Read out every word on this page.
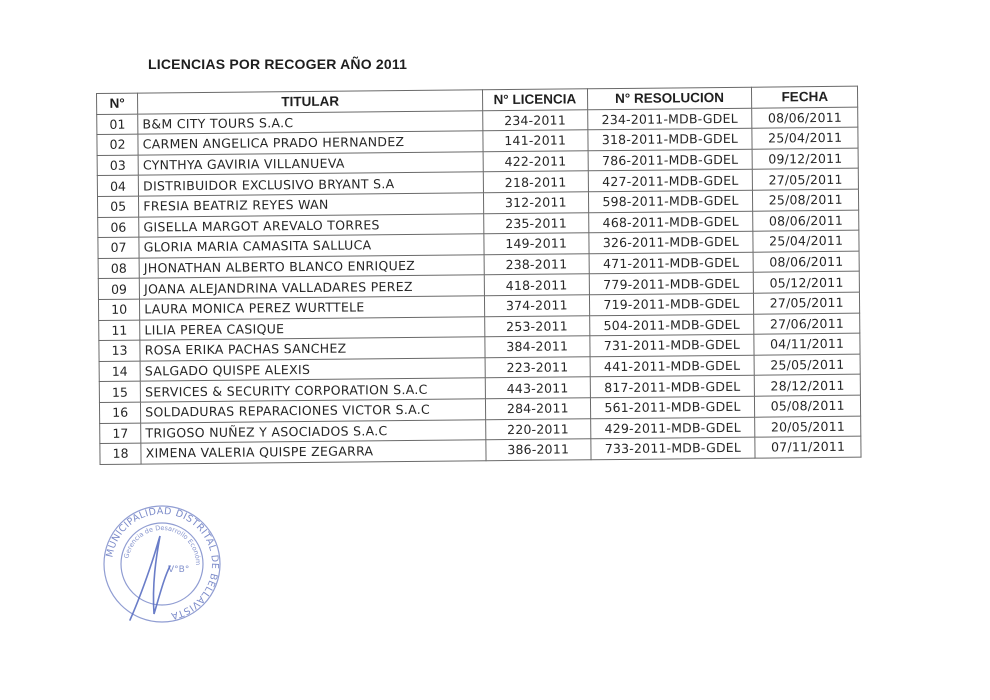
LICENCIAS POR RECOGER AÑO 2011
N°	TITULAR	N° LICENCIA	N° RESOLUCION	FECHA
01	B&M CITY TOURS S.A.C	234-2011	234-2011-MDB-GDEL	08/06/2011
02	CARMEN ANGELICA PRADO HERNANDEZ	141-2011	318-2011-MDB-GDEL	25/04/2011
03	CYNTHYA GAVIRIA VILLANUEVA	422-2011	786-2011-MDB-GDEL	09/12/2011
04	DISTRIBUIDOR EXCLUSIVO BRYANT S.A	218-2011	427-2011-MDB-GDEL	27/05/2011
05	FRESIA BEATRIZ REYES WAN	312-2011	598-2011-MDB-GDEL	25/08/2011
06	GISELLA MARGOT AREVALO TORRES	235-2011	468-2011-MDB-GDEL	08/06/2011
07	GLORIA MARIA CAMASITA SALLUCA	149-2011	326-2011-MDB-GDEL	25/04/2011
08	JHONATHAN ALBERTO BLANCO ENRIQUEZ	238-2011	471-2011-MDB-GDEL	08/06/2011
09	JOANA ALEJANDRINA VALLADARES PEREZ	418-2011	779-2011-MDB-GDEL	05/12/2011
10	LAURA MONICA PEREZ WURTTELE	374-2011	719-2011-MDB-GDEL	27/05/2011
11	LILIA PEREA CASIQUE	253-2011	504-2011-MDB-GDEL	27/06/2011
13	ROSA ERIKA PACHAS SANCHEZ	384-2011	731-2011-MDB-GDEL	04/11/2011
14	SALGADO QUISPE ALEXIS	223-2011	441-2011-MDB-GDEL	25/05/2011
15	SERVICES & SECURITY CORPORATION S.A.C	443-2011	817-2011-MDB-GDEL	28/12/2011
16	SOLDADURAS REPARACIONES VICTOR S.A.C	284-2011	561-2011-MDB-GDEL	05/08/2011
17	TRIGOSO NUÑEZ Y ASOCIADOS S.A.C	220-2011	429-2011-MDB-GDEL	20/05/2011
18	XIMENA VALERIA QUISPE ZEGARRA	386-2011	733-2011-MDB-GDEL	07/11/2011
MUNICIPALIDAD DISTRITAL DE BELLAVISTA
Gerencia de Desarrollo Económ
V°B°
